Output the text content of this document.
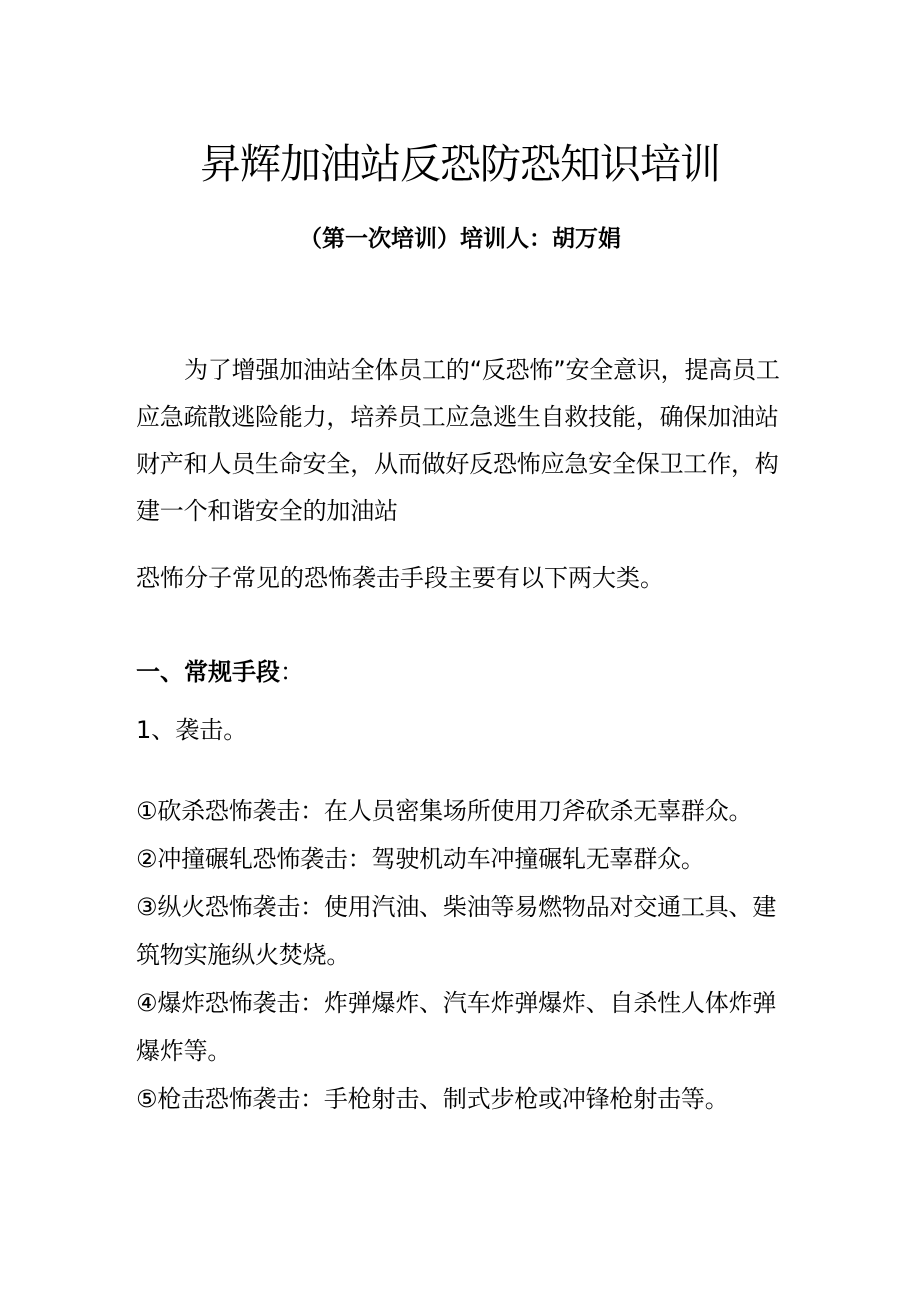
昇辉加油站反恐防恐知识培训
（第一次培训）培训人：胡万娟

为了增强加油站全体员工的“反恐怖”安全意识，提高员工应急疏散逃险能力，培养员工应急逃生自救技能，确保加油站财产和人员生命安全，从而做好反恐怖应急安全保卫工作，构建一个和谐安全的加油站

恐怖分子常见的恐怖袭击手段主要有以下两大类。

一、常规手段：

1、袭击。

①砍杀恐怖袭击：在人员密集场所使用刀斧砍杀无辜群众。

②冲撞碾轧恐怖袭击：驾驶机动车冲撞碾轧无辜群众。

③纵火恐怖袭击：使用汽油、柴油等易燃物品对交通工具、建筑物实施纵火焚烧。

④爆炸恐怖袭击：炸弹爆炸、汽车炸弹爆炸、自杀性人体炸弹爆炸等。

⑤枪击恐怖袭击：手枪射击、制式步枪或冲锋枪射击等。
